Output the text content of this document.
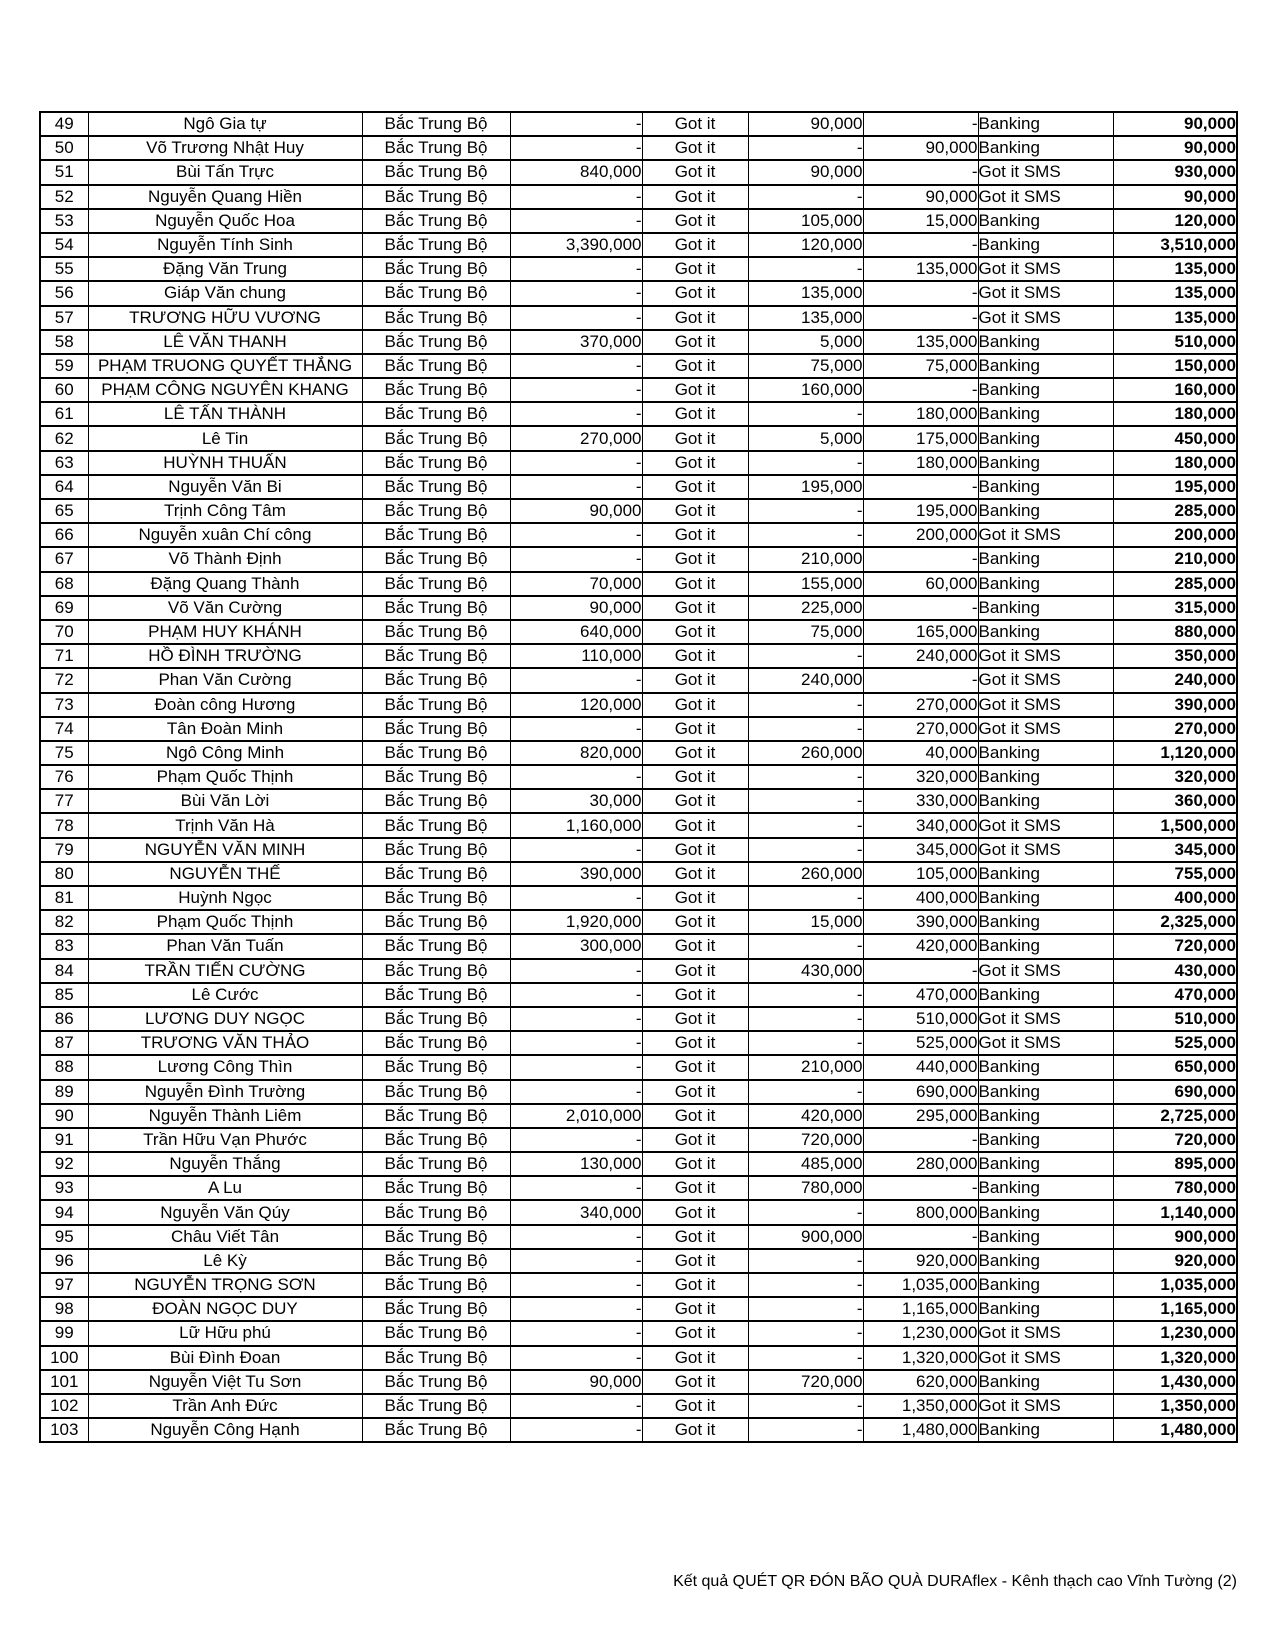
49	Ngô Gia tự	Bắc Trung Bộ	-	Got it	90,000	-	Banking	90,000
50	Võ Trương Nhật Huy	Bắc Trung Bộ	-	Got it	-	90,000	Banking	90,000
51	Bùi Tấn Trực	Bắc Trung Bộ	840,000	Got it	90,000	-	Got it SMS	930,000
52	Nguyễn Quang Hiền	Bắc Trung Bộ	-	Got it	-	90,000	Got it SMS	90,000
53	Nguyễn Quốc Hoa	Bắc Trung Bộ	-	Got it	105,000	15,000	Banking	120,000
54	Nguyễn Tính Sinh	Bắc Trung Bộ	3,390,000	Got it	120,000	-	Banking	3,510,000
55	Đặng Văn Trung	Bắc Trung Bộ	-	Got it	-	135,000	Got it SMS	135,000
56	Giáp Văn chung	Bắc Trung Bộ	-	Got it	135,000	-	Got it SMS	135,000
57	TRƯƠNG HỮU VƯƠNG	Bắc Trung Bộ	-	Got it	135,000	-	Got it SMS	135,000
58	LÊ VĂN THANH	Bắc Trung Bộ	370,000	Got it	5,000	135,000	Banking	510,000
59	PHẠM TRUONG QUYẾT THẮNG	Bắc Trung Bộ	-	Got it	75,000	75,000	Banking	150,000
60	PHẠM CÔNG NGUYÊN KHANG	Bắc Trung Bộ	-	Got it	160,000	-	Banking	160,000
61	LÊ TẤN THÀNH	Bắc Trung Bộ	-	Got it	-	180,000	Banking	180,000
62	Lê Tin	Bắc Trung Bộ	270,000	Got it	5,000	175,000	Banking	450,000
63	HUỲNH THUẤN	Bắc Trung Bộ	-	Got it	-	180,000	Banking	180,000
64	Nguyễn Văn Bi	Bắc Trung Bộ	-	Got it	195,000	-	Banking	195,000
65	Trịnh Công Tâm	Bắc Trung Bộ	90,000	Got it	-	195,000	Banking	285,000
66	Nguyễn xuân Chí công	Bắc Trung Bộ	-	Got it	-	200,000	Got it SMS	200,000
67	Võ Thành Định	Bắc Trung Bộ	-	Got it	210,000	-	Banking	210,000
68	Đặng Quang Thành	Bắc Trung Bộ	70,000	Got it	155,000	60,000	Banking	285,000
69	Võ Văn Cường	Bắc Trung Bộ	90,000	Got it	225,000	-	Banking	315,000
70	PHẠM HUY KHÁNH	Bắc Trung Bộ	640,000	Got it	75,000	165,000	Banking	880,000
71	HỒ ĐÌNH TRƯỜNG	Bắc Trung Bộ	110,000	Got it	-	240,000	Got it SMS	350,000
72	Phan Văn Cường	Bắc Trung Bộ	-	Got it	240,000	-	Got it SMS	240,000
73	Đoàn công Hương	Bắc Trung Bộ	120,000	Got it	-	270,000	Got it SMS	390,000
74	Tân Đoàn Minh	Bắc Trung Bộ	-	Got it	-	270,000	Got it SMS	270,000
75	Ngô Công Minh	Bắc Trung Bộ	820,000	Got it	260,000	40,000	Banking	1,120,000
76	Phạm Quốc Thịnh	Bắc Trung Bộ	-	Got it	-	320,000	Banking	320,000
77	Bùi Văn Lời	Bắc Trung Bộ	30,000	Got it	-	330,000	Banking	360,000
78	Trịnh Văn Hà	Bắc Trung Bộ	1,160,000	Got it	-	340,000	Got it SMS	1,500,000
79	NGUYỄN VĂN MINH	Bắc Trung Bộ	-	Got it	-	345,000	Got it SMS	345,000
80	NGUYỄN THẾ	Bắc Trung Bộ	390,000	Got it	260,000	105,000	Banking	755,000
81	Huỳnh Ngọc	Bắc Trung Bộ	-	Got it	-	400,000	Banking	400,000
82	Phạm Quốc Thịnh	Bắc Trung Bộ	1,920,000	Got it	15,000	390,000	Banking	2,325,000
83	Phan Văn Tuấn	Bắc Trung Bộ	300,000	Got it	-	420,000	Banking	720,000
84	TRẦN TIẾN CƯỜNG	Bắc Trung Bộ	-	Got it	430,000	-	Got it SMS	430,000
85	Lê Cước	Bắc Trung Bộ	-	Got it	-	470,000	Banking	470,000
86	LƯƠNG DUY NGỌC	Bắc Trung Bộ	-	Got it	-	510,000	Got it SMS	510,000
87	TRƯƠNG VĂN THẢO	Bắc Trung Bộ	-	Got it	-	525,000	Got it SMS	525,000
88	Lương Công Thìn	Bắc Trung Bộ	-	Got it	210,000	440,000	Banking	650,000
89	Nguyễn Đình Trường	Bắc Trung Bộ	-	Got it	-	690,000	Banking	690,000
90	Nguyễn Thành Liêm	Bắc Trung Bộ	2,010,000	Got it	420,000	295,000	Banking	2,725,000
91	Trần Hữu Vạn Phước	Bắc Trung Bộ	-	Got it	720,000	-	Banking	720,000
92	Nguyễn Thắng	Bắc Trung Bộ	130,000	Got it	485,000	280,000	Banking	895,000
93	A Lu	Bắc Trung Bộ	-	Got it	780,000	-	Banking	780,000
94	Nguyễn Văn Qúy	Bắc Trung Bộ	340,000	Got it	-	800,000	Banking	1,140,000
95	Châu Viết Tân	Bắc Trung Bộ	-	Got it	900,000	-	Banking	900,000
96	Lê Kỳ	Bắc Trung Bộ	-	Got it	-	920,000	Banking	920,000
97	NGUYỄN TRỌNG SƠN	Bắc Trung Bộ	-	Got it	-	1,035,000	Banking	1,035,000
98	ĐOÀN NGỌC DUY	Bắc Trung Bộ	-	Got it	-	1,165,000	Banking	1,165,000
99	Lữ Hữu phú	Bắc Trung Bộ	-	Got it	-	1,230,000	Got it SMS	1,230,000
100	Bùi Đình Đoan	Bắc Trung Bộ	-	Got it	-	1,320,000	Got it SMS	1,320,000
101	Nguyễn Việt Tu Sơn	Bắc Trung Bộ	90,000	Got it	720,000	620,000	Banking	1,430,000
102	Trần Anh Đức	Bắc Trung Bộ	-	Got it	-	1,350,000	Got it SMS	1,350,000
103	Nguyễn Công Hạnh	Bắc Trung Bộ	-	Got it	-	1,480,000	Banking	1,480,000
Kết quả QUÉT QR ĐÓN BÃO QUÀ DURAflex - Kênh thạch cao Vĩnh Tường (2)
